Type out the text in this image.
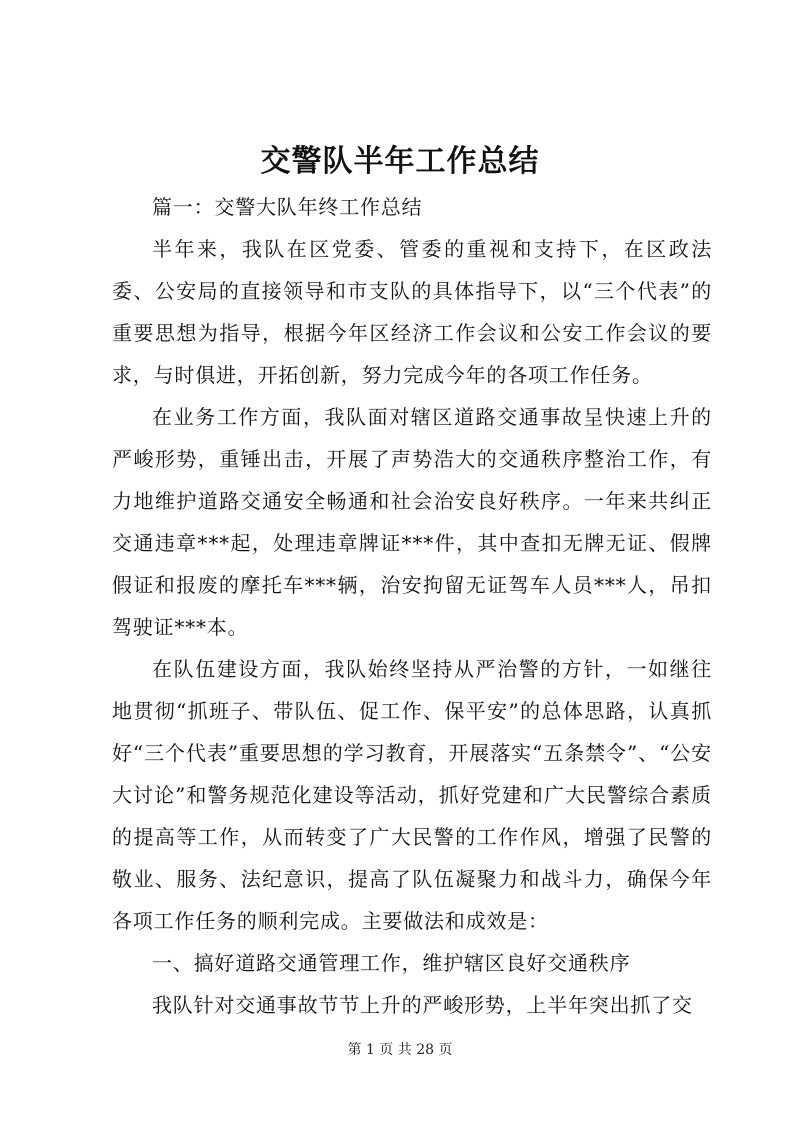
交警队半年工作总结

篇一：交警大队年终工作总结

半年来，我队在区党委、管委的重视和支持下，在区政法委、公安局的直接领导和市支队的具体指导下，以“三个代表”的重要思想为指导，根据今年区经济工作会议和公安工作会议的要求，与时俱进，开拓创新，努力完成今年的各项工作任务。

在业务工作方面，我队面对辖区道路交通事故呈快速上升的严峻形势，重锤出击，开展了声势浩大的交通秩序整治工作，有力地维护道路交通安全畅通和社会治安良好秩序。一年来共纠正交通违章***起，处理违章牌证***件，其中查扣无牌无证、假牌假证和报废的摩托车***辆，治安拘留无证驾车人员***人，吊扣驾驶证***本。

在队伍建设方面，我队始终坚持从严治警的方针，一如继往地贯彻“抓班子、带队伍、促工作、保平安”的总体思路，认真抓好“三个代表”重要思想的学习教育，开展落实“五条禁令”、“公安大讨论”和警务规范化建设等活动，抓好党建和广大民警综合素质的提高等工作，从而转变了广大民警的工作作风，增强了民警的敬业、服务、法纪意识，提高了队伍凝聚力和战斗力，确保今年各项工作任务的顺利完成。主要做法和成效是：

一、搞好道路交通管理工作，维护辖区良好交通秩序

我队针对交通事故节节上升的严峻形势，上半年突出抓了交

第 1 页 共 28 页
